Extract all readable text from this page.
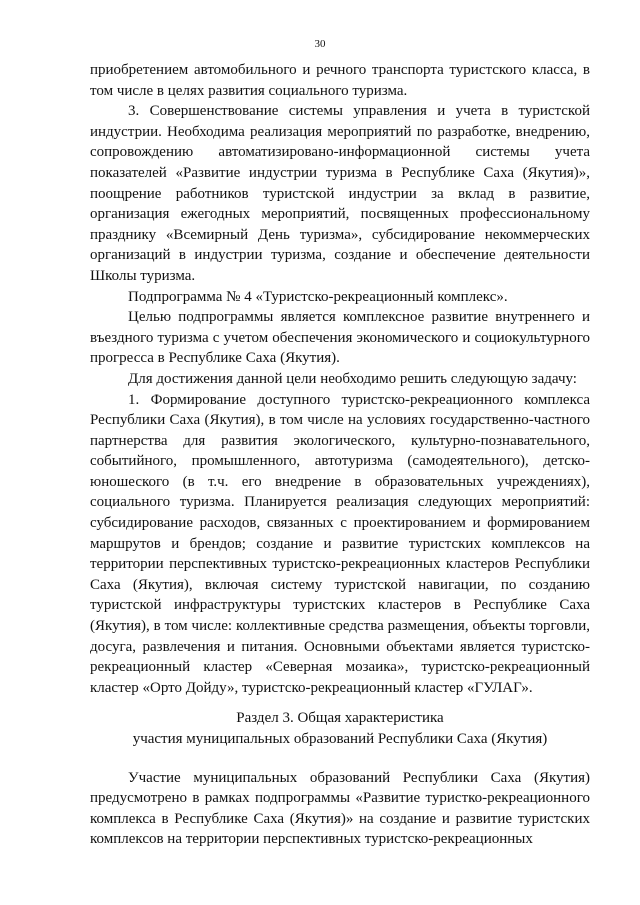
30

приобретением автомобильного и речного транспорта туристского класса, в том числе в целях развития социального туризма.

3. Совершенствование системы управления и учета в туристской индустрии. Необходима реализация мероприятий по разработке, внедрению, сопровождению автоматизировано-информационной системы учета показателей «Развитие индустрии туризма в Республике Саха (Якутия)», поощрение работников туристской индустрии за вклад в развитие, организация ежегодных мероприятий, посвященных профессиональному празднику «Всемирный День туризма», субсидирование некоммерческих организаций в индустрии туризма, создание и обеспечение деятельности Школы туризма.

Подпрограмма № 4 «Туристско-рекреационный комплекс».

Целью подпрограммы является комплексное развитие внутреннего и въездного туризма с учетом обеспечения экономического и социокультурного прогресса в Республике Саха (Якутия).

Для достижения данной цели необходимо решить следующую задачу:

1. Формирование доступного туристско-рекреационного комплекса Республики Саха (Якутия), в том числе на условиях государственно-частного партнерства для развития экологического, культурно-познавательного, событийного, промышленного, автотуризма (самодеятельного), детско-юношеского (в т.ч. его внедрение в образовательных учреждениях), социального туризма. Планируется реализация следующих мероприятий: субсидирование расходов, связанных с проектированием и формированием маршрутов и брендов; создание и развитие туристских комплексов на территории перспективных туристско-рекреационных кластеров Республики Саха (Якутия), включая систему туристской навигации, по созданию туристской инфраструктуры туристских кластеров в Республике Саха (Якутия), в том числе: коллективные средства размещения, объекты торговли, досуга, развлечения и питания. Основными объектами является туристско-рекреационный кластер «Северная мозаика», туристско-рекреационный кластер «Орто Дойду», туристско-рекреационный кластер «ГУЛАГ».

Раздел 3. Общая характеристика
участия муниципальных образований Республики Саха (Якутия)

Участие муниципальных образований Республики Саха (Якутия) предусмотрено в рамках подпрограммы «Развитие туристко-рекреационного комплекса в Республике Саха (Якутия)» на создание и развитие туристских комплексов на территории перспективных туристско-рекреационных
